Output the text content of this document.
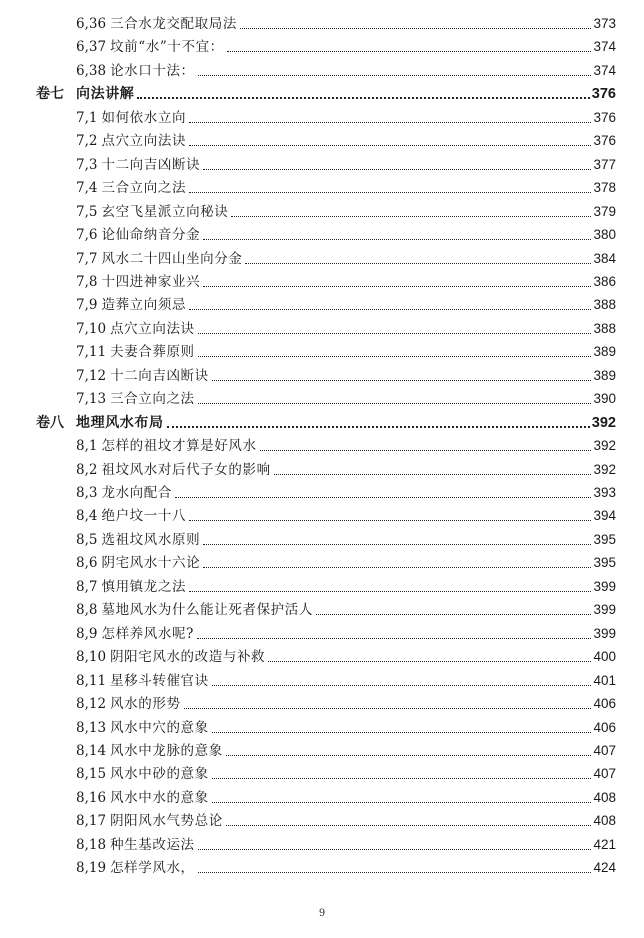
6,36 三合水龙交配取局法	373
6,37 坟前“水”十不宜：	374
6,38 论水口十法：	374
卷七 向法讲解	376
7,1 如何依水立向	376
7,2 点穴立向法诀	376
7,3 十二向吉凶断诀	377
7,4 三合立向之法	378
7,5 玄空飞星派立向秘诀	379
7,6 论仙命纳音分金	380
7,7 风水二十四山坐向分金	384
7,8 十四进神家业兴	386
7,9 造葬立向须忌	388
7,10 点穴立向法诀	388
7,11 夫妻合葬原则	389
7,12 十二向吉凶断诀	389
7,13 三合立向之法	390
卷八 地理风水布局	392
8,1 怎样的祖坟才算是好风水	392
8,2 祖坟风水对后代子女的影响	392
8,3 龙水向配合	393
8,4 绝户坟一十八	394
8,5 选祖坟风水原则	395
8,6 阴宅风水十六论	395
8,7 慎用镇龙之法	399
8,8 墓地风水为什么能让死者保护活人	399
8,9 怎样养风水呢?	399
8,10 阴阳宅风水的改造与补救	400
8,11 星移斗转催官诀	401
8,12 风水的形势	406
8,13 风水中穴的意象	406
8,14 风水中龙脉的意象	407
8,15 风水中砂的意象	407
8,16 风水中水的意象	408
8,17 阴阳风水气势总论	408
8,18 种生基改运法	421
8,19 怎样学风水，	424
9
